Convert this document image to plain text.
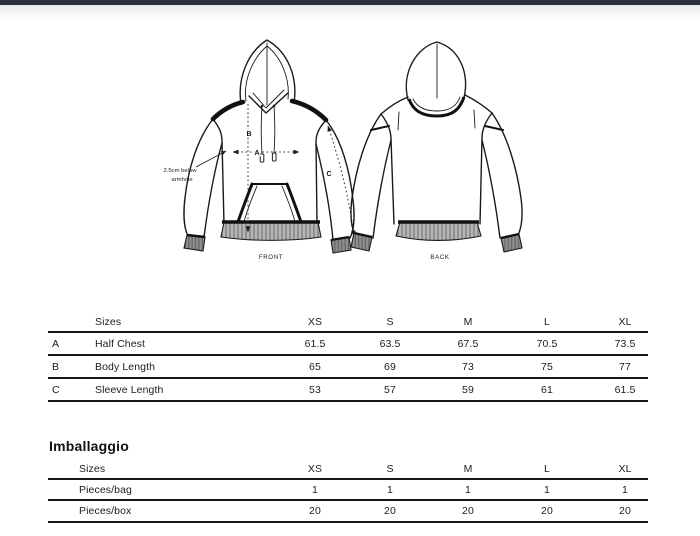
B
A
C
2.5cm below
armhole
FRONT	BACK
Sizes	XS	S	M	L	XL
A	Half Chest	61.5	63.5	67.5	70.5	73.5
B	Body Length	65	69	73	75	77
C	Sleeve Length	53	57	59	61	61.5
Imballaggio
Sizes	XS	S	M	L	XL
Pieces/bag	1	1	1	1	1
Pieces/box	20	20	20	20	20
